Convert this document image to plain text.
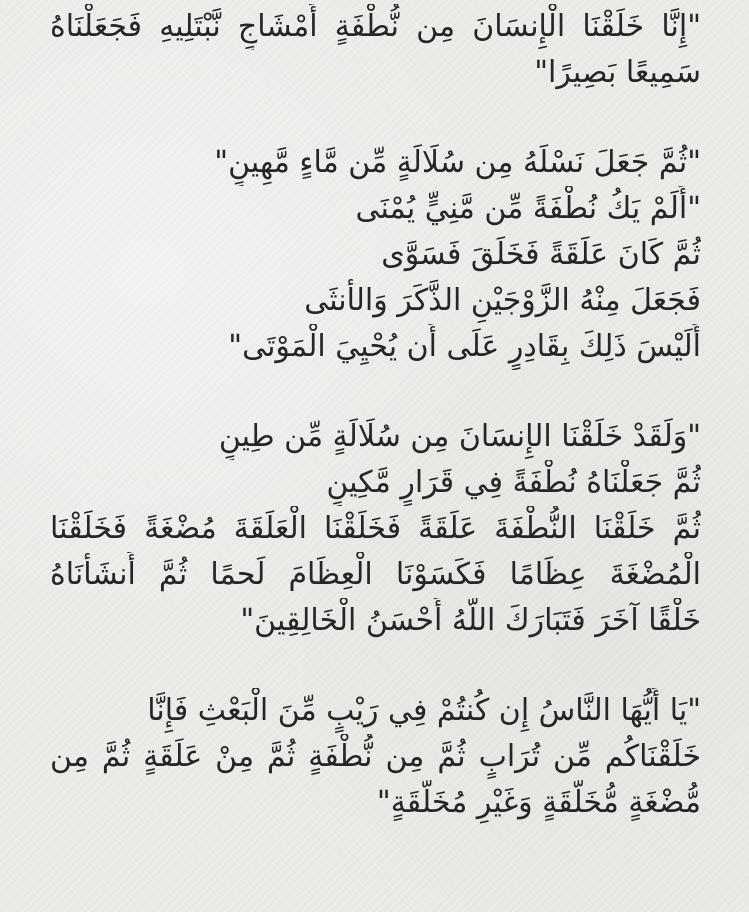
"إِنَّا خَلَقْنَا الْإِنسَانَ مِن نُّطْفَةٍ أَمْشَاجٍ نَّبْتَلِيهِ فَجَعَلْنَاهُ
سَمِيعًا بَصِيرًا"
"ثُمَّ جَعَلَ نَسْلَهُ مِن سُلَالَةٍ مِّن مَّاءٍ مَّهِينٍ"
"أَلَمْ يَكُ نُطْفَةً مِّن مَّنِيٍّ يُمْنَى
ثُمَّ كَانَ عَلَقَةً فَخَلَقَ فَسَوَّى
فَجَعَلَ مِنْهُ الزَّوْجَيْنِ الذَّكَرَ وَالأُنثَى
أَلَيْسَ ذَلِكَ بِقَادِرٍ عَلَى أَن يُحْيِيَ الْمَوْتَى"
"وَلَقَدْ خَلَقْنَا الإِنسَانَ مِن سُلَالَةٍ مِّن طِينٍ
ثُمَّ جَعَلْنَاهُ نُطْفَةً فِي قَرَارٍ مَّكِينٍ
ثُمَّ خَلَقْنَا النُّطْفَةَ عَلَقَةً فَخَلَقْنَا الْعَلَقَةَ مُضْغَةً فَخَلَقْنَا
الْمُضْغَةَ عِظَامًا فَكَسَوْنَا الْعِظَامَ لَحمًا ثُمَّ أَنشَأْنَاهُ
خَلْقًا آخَرَ فَتَبَارَكَ اللَّهُ أَحْسَنُ الْخَالِقِينَ"
"يَا أَيُّهَا النَّاسُ إِن كُنتُمْ فِي رَيْبٍ مِّنَ الْبَعْثِ فَإِنَّا
خَلَقْنَاكُم مِّن تُرَابٍ ثُمَّ مِن نُّطْفَةٍ ثُمَّ مِنْ عَلَقَةٍ ثُمَّ مِن
مُّضْغَةٍ مُّخَلَّقَةٍ وَغَيْرِ مُخَلَّقَةٍ"
